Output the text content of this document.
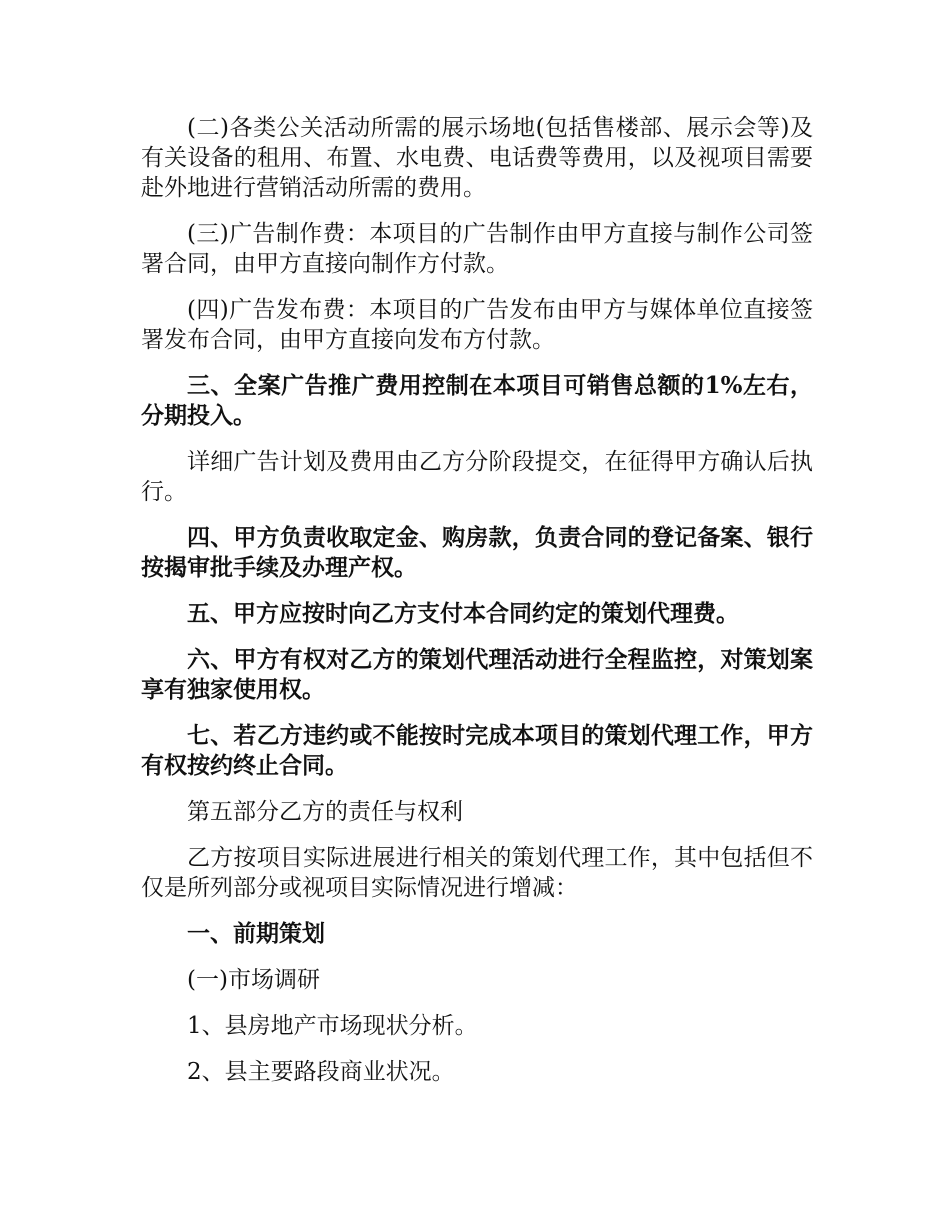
(二)各类公关活动所需的展示场地(包括售楼部、展示会等)及有关设备的租用、布置、水电费、电话费等费用，以及视项目需要赴外地进行营销活动所需的费用。

(三)广告制作费：本项目的广告制作由甲方直接与制作公司签署合同，由甲方直接向制作方付款。

(四)广告发布费：本项目的广告发布由甲方与媒体单位直接签署发布合同，由甲方直接向发布方付款。

三、全案广告推广费用控制在本项目可销售总额的1%左右，分期投入。

详细广告计划及费用由乙方分阶段提交，在征得甲方确认后执行。

四、甲方负责收取定金、购房款，负责合同的登记备案、银行按揭审批手续及办理产权。

五、甲方应按时向乙方支付本合同约定的策划代理费。

六、甲方有权对乙方的策划代理活动进行全程监控，对策划案享有独家使用权。

七、若乙方违约或不能按时完成本项目的策划代理工作，甲方有权按约终止合同。

第五部分乙方的责任与权利

乙方按项目实际进展进行相关的策划代理工作，其中包括但不仅是所列部分或视项目实际情况进行增减：

一、前期策划

(一)市场调研

1、县房地产市场现状分析。

2、县主要路段商业状况。
